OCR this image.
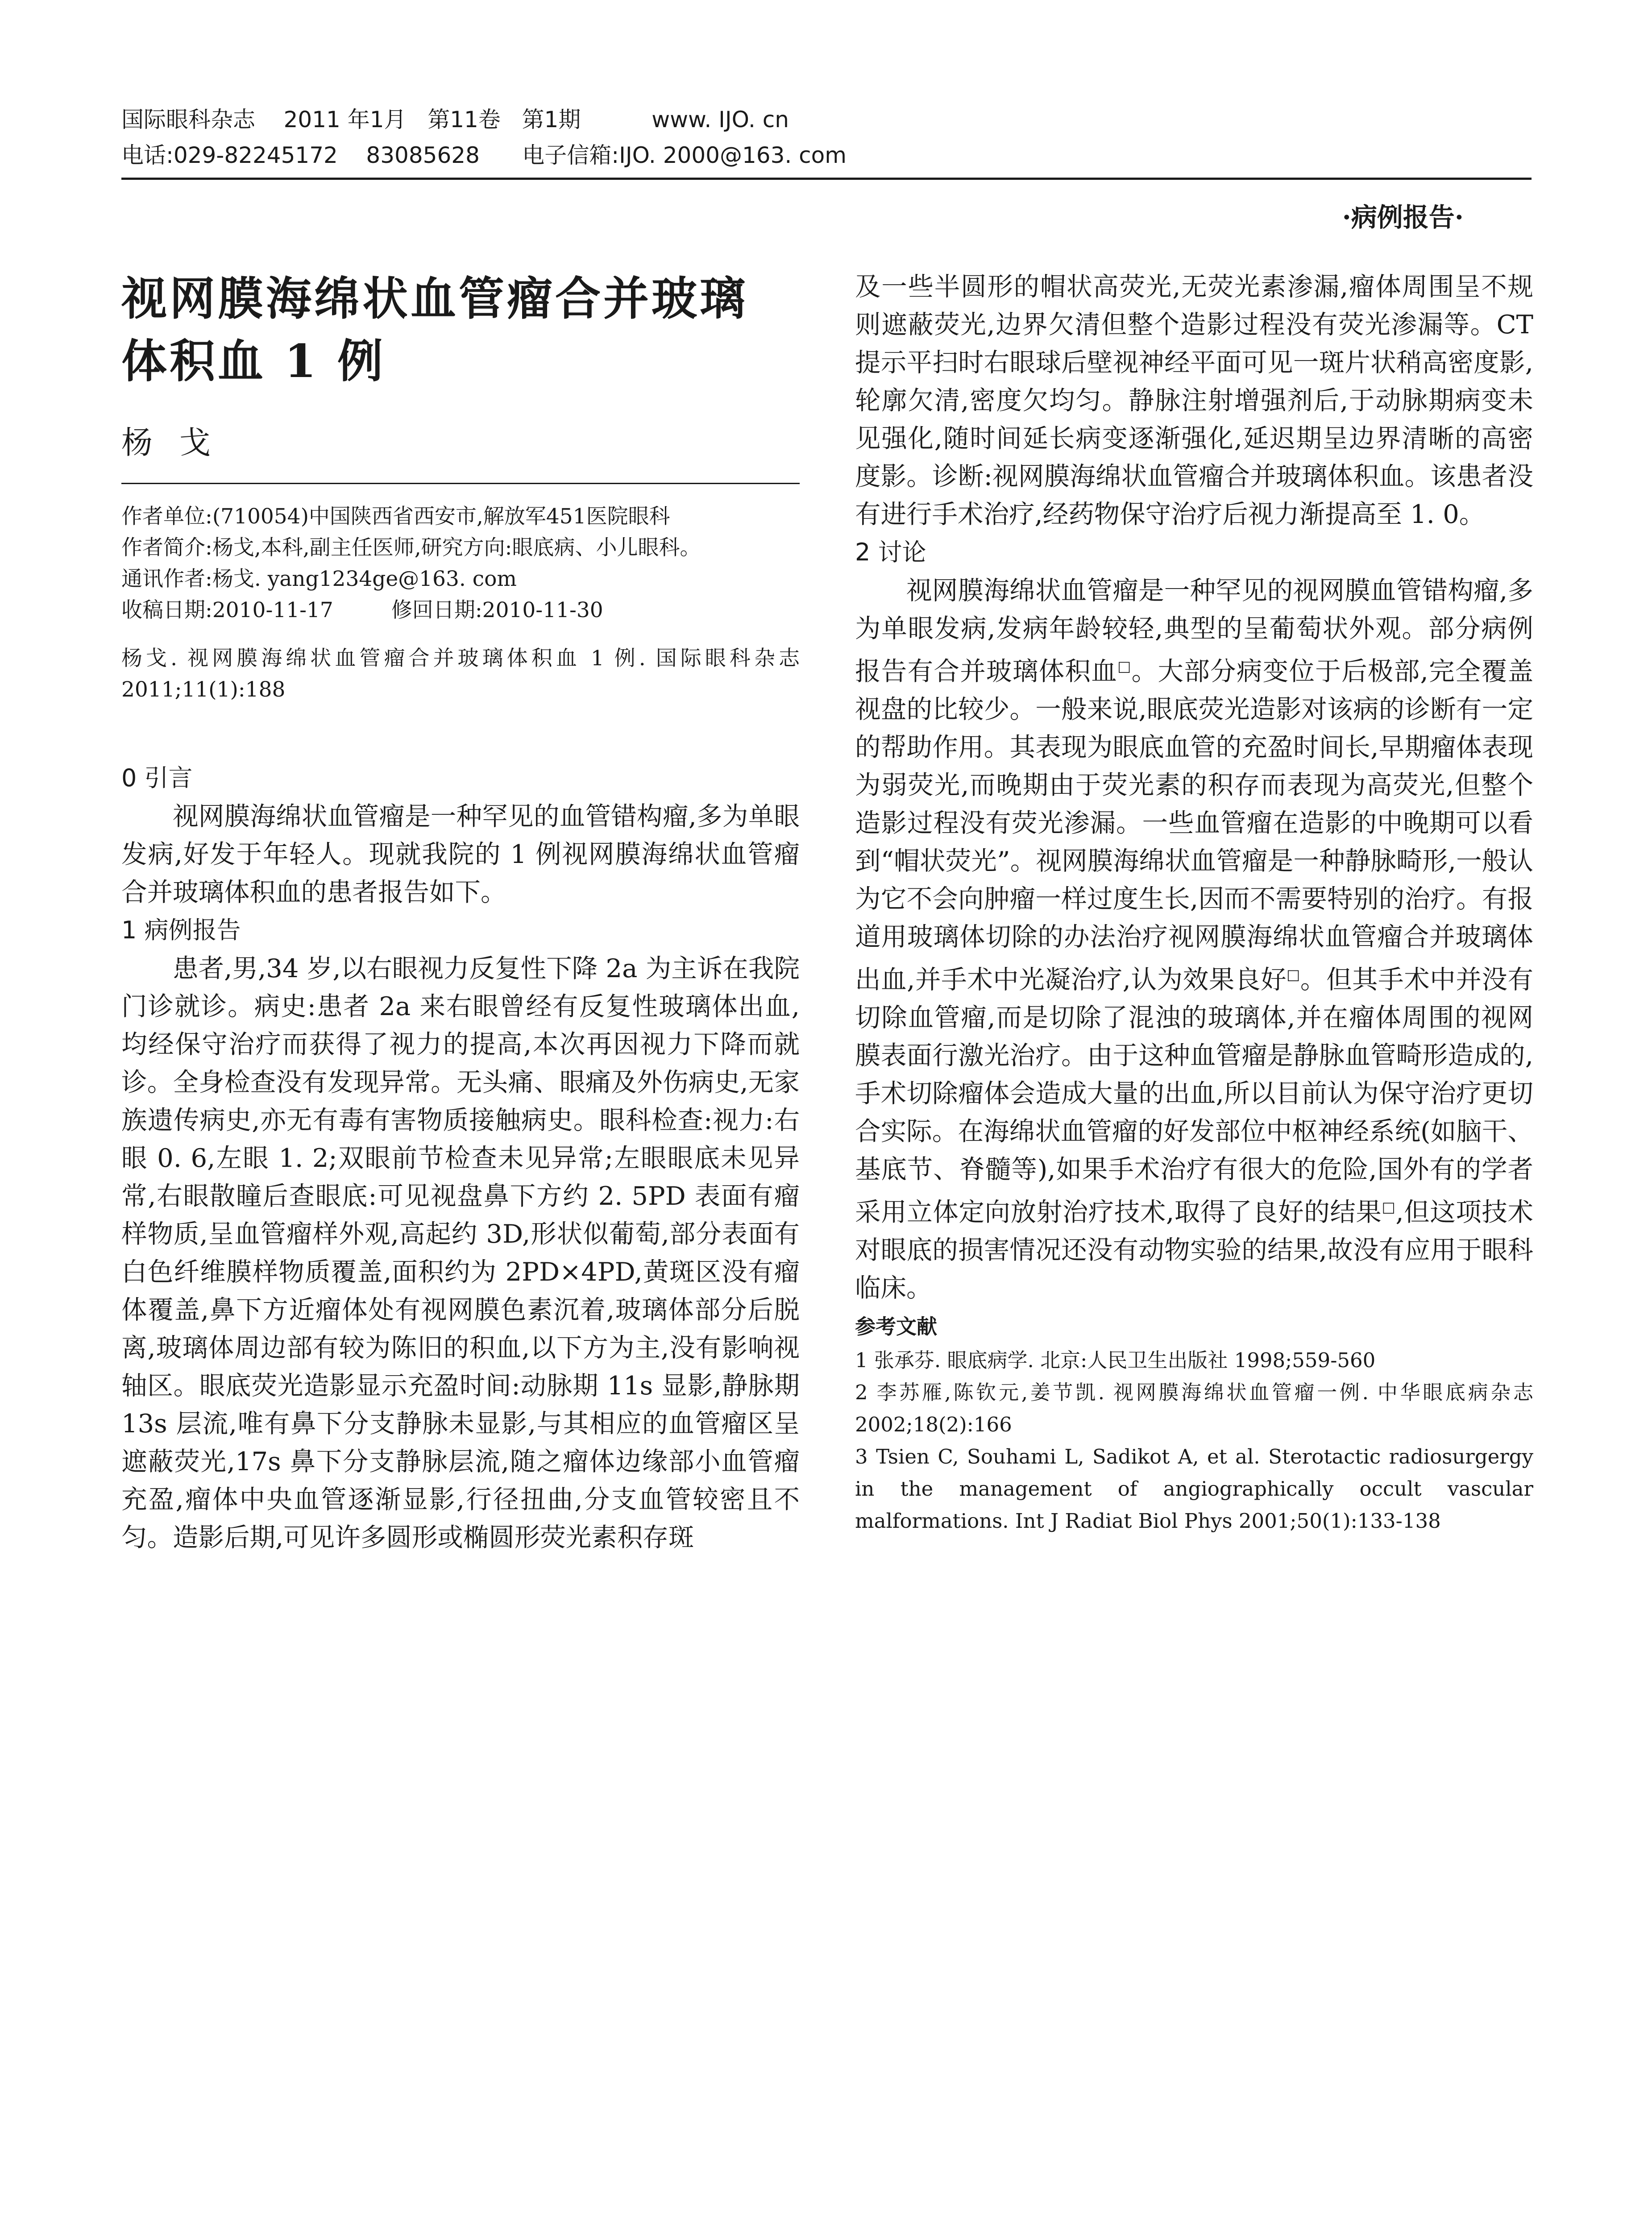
国际眼科杂志    2011 年1月   第11卷   第1期          www. IJO. cn
电话:029-82245172    83085628      电子信箱:IJO. 2000@163. com
·病例报告·
视网膜海绵状血管瘤合并玻璃
体积血 1 例
杨戈

作者单位:(710054)中国陕西省西安市,解放军451医院眼科

作者简介:杨戈,本科,副主任医师,研究方向:眼底病、小儿眼科。

通讯作者:杨戈. yang1234ge@163. com

收稿日期:2010-11-17	修回日期:2010-11-30

杨戈. 视网膜海绵状血管瘤合并玻璃体积血 1 例. 国际眼科杂志 2011;11(1):188
0 引言

视网膜海绵状血管瘤是一种罕见的血管错构瘤,多为单眼发病,好发于年轻人。现就我院的 1 例视网膜海绵状血管瘤合并玻璃体积血的患者报告如下。

1 病例报告

患者,男,34 岁,以右眼视力反复性下降 2a 为主诉在我院门诊就诊。病史:患者 2a 来右眼曾经有反复性玻璃体出血,均经保守治疗而获得了视力的提高,本次再因视力下降而就诊。全身检查没有发现异常。无头痛、眼痛及外伤病史,无家族遗传病史,亦无有毒有害物质接触病史。眼科检查:视力:右眼 0. 6,左眼 1. 2;双眼前节检查未见异常;左眼眼底未见异常,右眼散瞳后查眼底:可见视盘鼻下方约 2. 5PD 表面有瘤样物质,呈血管瘤样外观,高起约 3D,形状似葡萄,部分表面有白色纤维膜样物质覆盖,面积约为 2PD×4PD,黄斑区没有瘤体覆盖,鼻下方近瘤体处有视网膜色素沉着,玻璃体部分后脱离,玻璃体周边部有较为陈旧的积血,以下方为主,没有影响视轴区。眼底荧光造影显示充盈时间:动脉期 11s 显影,静脉期 13s 层流,唯有鼻下分支静脉未显影,与其相应的血管瘤区呈遮蔽荧光,17s 鼻下分支静脉层流,随之瘤体边缘部小血管瘤充盈,瘤体中央血管逐渐显影,行径扭曲,分支血管较密且不匀。造影后期,可见许多圆形或椭圆形荧光素积存斑

及一些半圆形的帽状高荧光,无荧光素渗漏,瘤体周围呈不规则遮蔽荧光,边界欠清但整个造影过程没有荧光渗漏等。CT 提示平扫时右眼球后壁视神经平面可见一斑片状稍高密度影,轮廓欠清,密度欠均匀。静脉注射增强剂后,于动脉期病变未见强化,随时间延长病变逐渐强化,延迟期呈边界清晰的高密度影。诊断:视网膜海绵状血管瘤合并玻璃体积血。该患者没有进行手术治疗,经药物保守治疗后视力渐提高至 1. 0。

2 讨论

视网膜海绵状血管瘤是一种罕见的视网膜血管错构瘤,多为单眼发病,发病年龄较轻,典型的呈葡萄状外观。部分病例报告有合并玻璃体积血□。大部分病变位于后极部,完全覆盖视盘的比较少。一般来说,眼底荧光造影对该病的诊断有一定的帮助作用。其表现为眼底血管的充盈时间长,早期瘤体表现为弱荧光,而晚期由于荧光素的积存而表现为高荧光,但整个造影过程没有荧光渗漏。一些血管瘤在造影的中晚期可以看到“帽状荧光”。视网膜海绵状血管瘤是一种静脉畸形,一般认为它不会向肿瘤一样过度生长,因而不需要特别的治疗。有报道用玻璃体切除的办法治疗视网膜海绵状血管瘤合并玻璃体出血,并手术中光凝治疗,认为效果良好□。但其手术中并没有切除血管瘤,而是切除了混浊的玻璃体,并在瘤体周围的视网膜表面行激光治疗。由于这种血管瘤是静脉血管畸形造成的,手术切除瘤体会造成大量的出血,所以目前认为保守治疗更切合实际。在海绵状血管瘤的好发部位中枢神经系统(如脑干、基底节、脊髓等),如果手术治疗有很大的危险,国外有的学者采用立体定向放射治疗技术,取得了良好的结果□,但这项技术对眼底的损害情况还没有动物实验的结果,故没有应用于眼科临床。

参考文献

1 张承芬. 眼底病学. 北京:人民卫生出版社 1998;559-560

2 李苏雁,陈钦元,姜节凯. 视网膜海绵状血管瘤一例. 中华眼底病杂志 2002;18(2):166

3 Tsien C, Souhami L, Sadikot A, et al. Sterotactic radiosurgergy in the management of angiographically occult vascular malformations. Int J Radiat Biol Phys 2001;50(1):133-138
